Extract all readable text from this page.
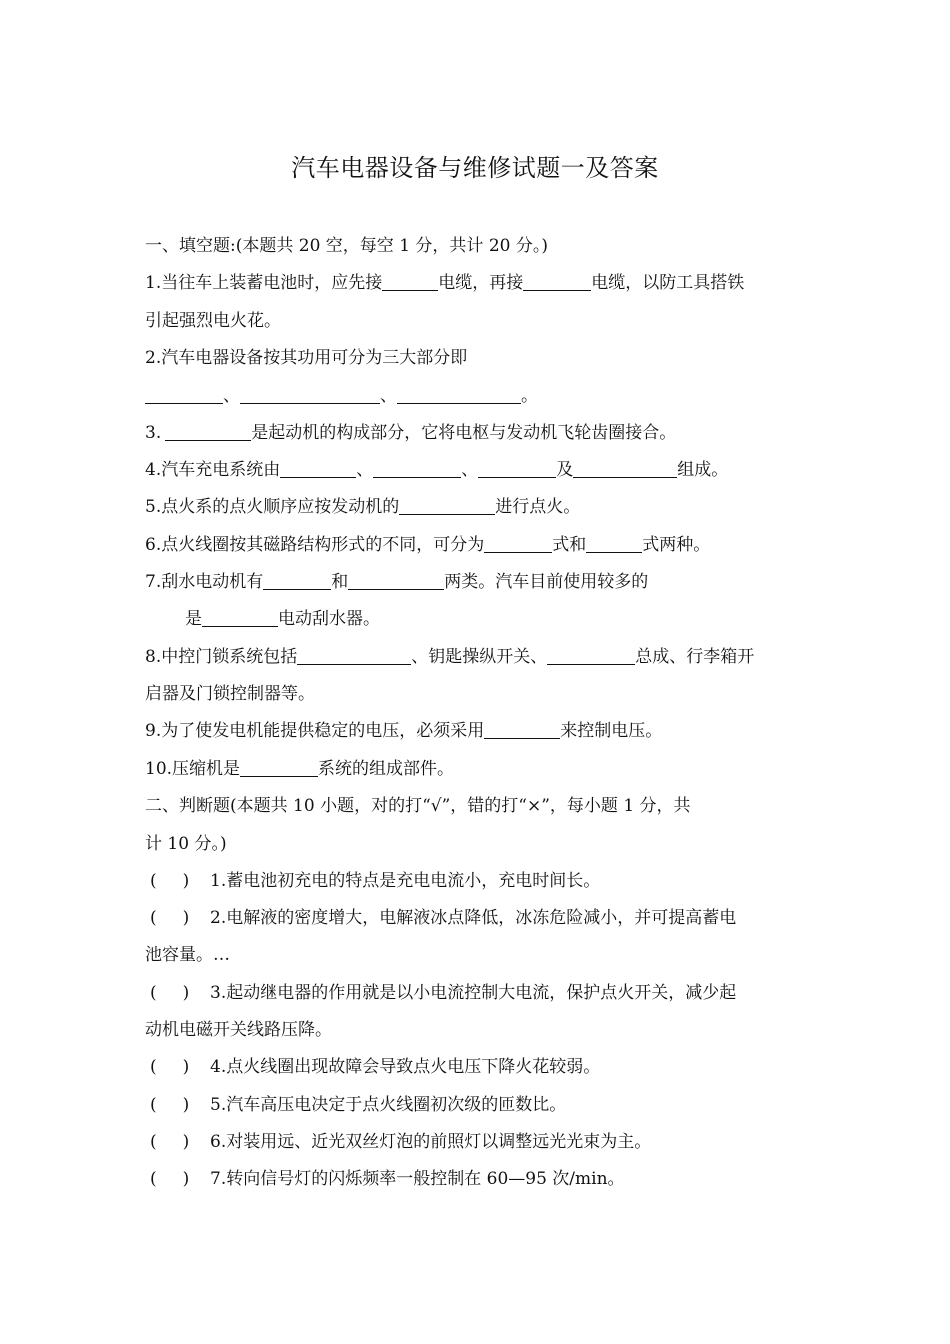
汽车电器设备与维修试题一及答案
一、填空题:(本题共 20 空，每空 1 分，共计 20 分。)
1.当往车上装蓄电池时，应先接	电缆，再接	电缆，以防工具搭铁
引起强烈电火花。
2.汽车电器设备按其功用可分为三大部分即
、	、	。
3.	是起动机的构成部分，它将电枢与发动机飞轮齿圈接合。
4.汽车充电系统由	、	、	及	组成。
5.点火系的点火顺序应按发动机的	进行点火。
6.点火线圈按其磁路结构形式的不同，可分为	式和	式两种。
7.刮水电动机有	和	两类。汽车目前使用较多的
是	电动刮水器。
8.中控门锁系统包括	、钥匙操纵开关、	总成、行李箱开
启器及门锁控制器等。
9.为了使发电机能提供稳定的电压，必须采用	来控制电压。
10.压缩机是	系统的组成部件。
二、判断题(本题共 10 小题，对的打“√”，错的打“×”，每小题 1 分，共
计 10 分。)
( ) 1.蓄电池初充电的特点是充电电流小，充电时间长。
( ) 2.电解液的密度增大，电解液冰点降低，冰冻危险减小，并可提高蓄电
池容量。…
( ) 3.起动继电器的作用就是以小电流控制大电流，保护点火开关，减少起
动机电磁开关线路压降。
( ) 4.点火线圈出现故障会导致点火电压下降火花较弱。
( ) 5.汽车高压电决定于点火线圈初次级的匝数比。
( ) 6.对装用远、近光双丝灯泡的前照灯以调整远光光束为主。
( ) 7.转向信号灯的闪烁频率一般控制在 60—95 次/min。
